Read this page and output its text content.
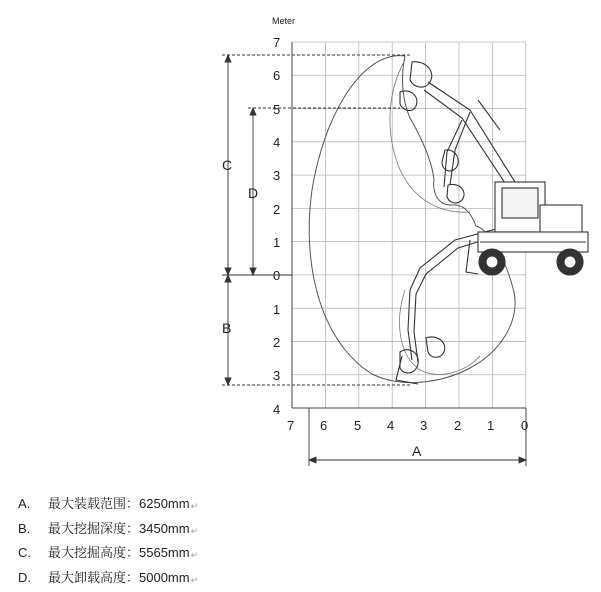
Meter
7
6
5
4
3
2
1
0
1
2
3
4
7 6 5 4 3 2 1 0
C
B
D
A
A.	最大装载范围：6250mm↵
B.	最大挖掘深度：3450mm↵
C.	最大挖掘高度：5565mm↵
D.	最大卸载高度：5000mm↵
